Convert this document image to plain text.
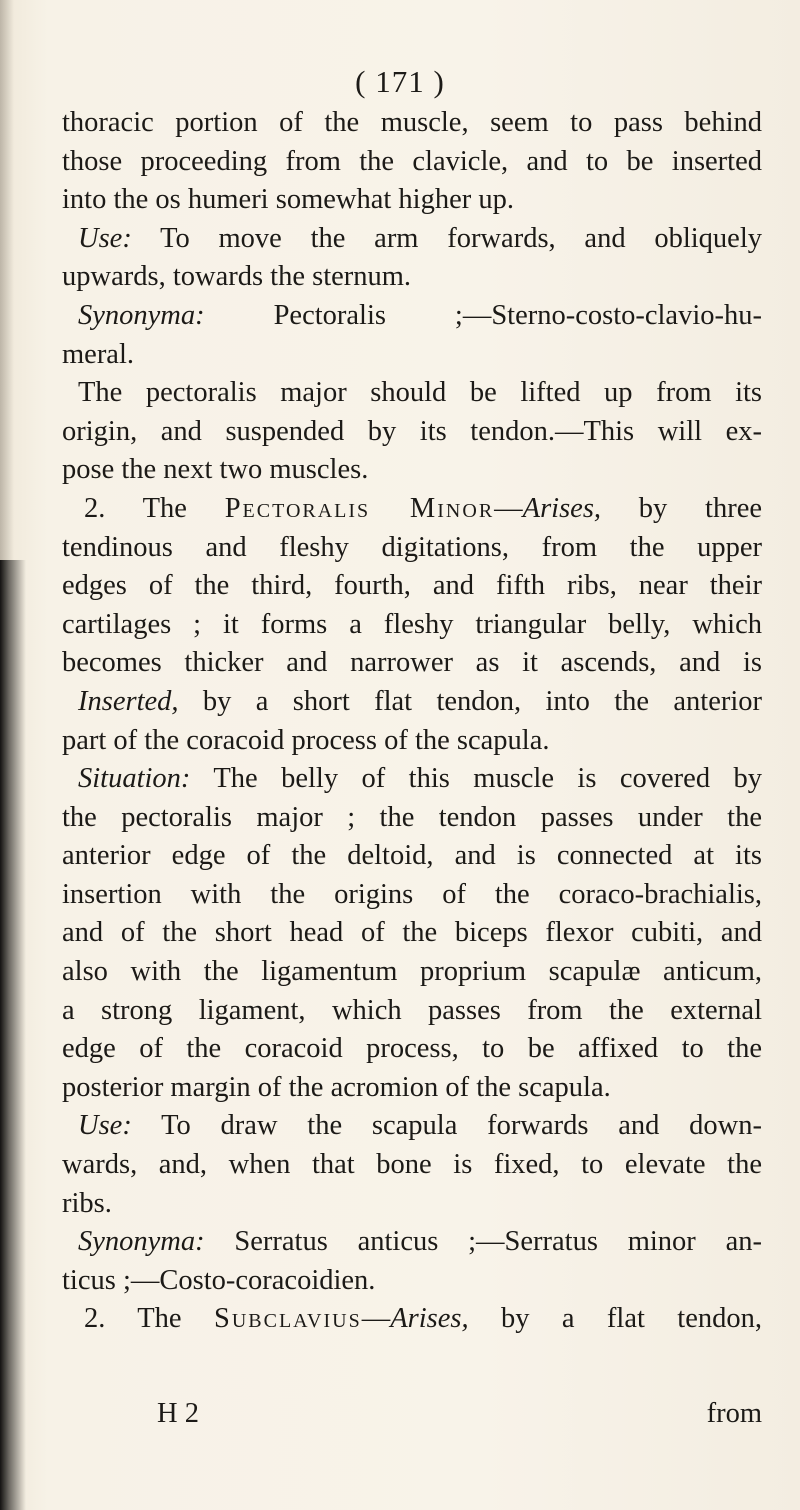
( 171 )
thoracic portion of the muscle, seem to pass behind
those proceeding from the clavicle, and to be inserted
into the os humeri somewhat higher up.
Use: To move the arm forwards, and obliquely
upwards, towards the sternum.
Synonyma: Pectoralis ;—Sterno-costo-clavio-hu-
meral.
The pectoralis major should be lifted up from its
origin, and suspended by its tendon.—This will ex-
pose the next two muscles.
2. The Pectoralis Minor—Arises, by three
tendinous and fleshy digitations, from the upper
edges of the third, fourth, and fifth ribs, near their
cartilages ; it forms a fleshy triangular belly, which
becomes thicker and narrower as it ascends, and is
Inserted, by a short flat tendon, into the anterior
part of the coracoid process of the scapula.
Situation: The belly of this muscle is covered by
the pectoralis major ; the tendon passes under the
anterior edge of the deltoid, and is connected at its
insertion with the origins of the coraco-brachialis,
and of the short head of the biceps flexor cubiti, and
also with the ligamentum proprium scapulæ anticum,
a strong ligament, which passes from the external
edge of the coracoid process, to be affixed to the
posterior margin of the acromion of the scapula.
Use: To draw the scapula forwards and down-
wards, and, when that bone is fixed, to elevate the
ribs.
Synonyma: Serratus anticus ;—Serratus minor an-
ticus ;—Costo-coracoidien.
2. The Subclavius—Arises, by a flat tendon,
H 2	from
